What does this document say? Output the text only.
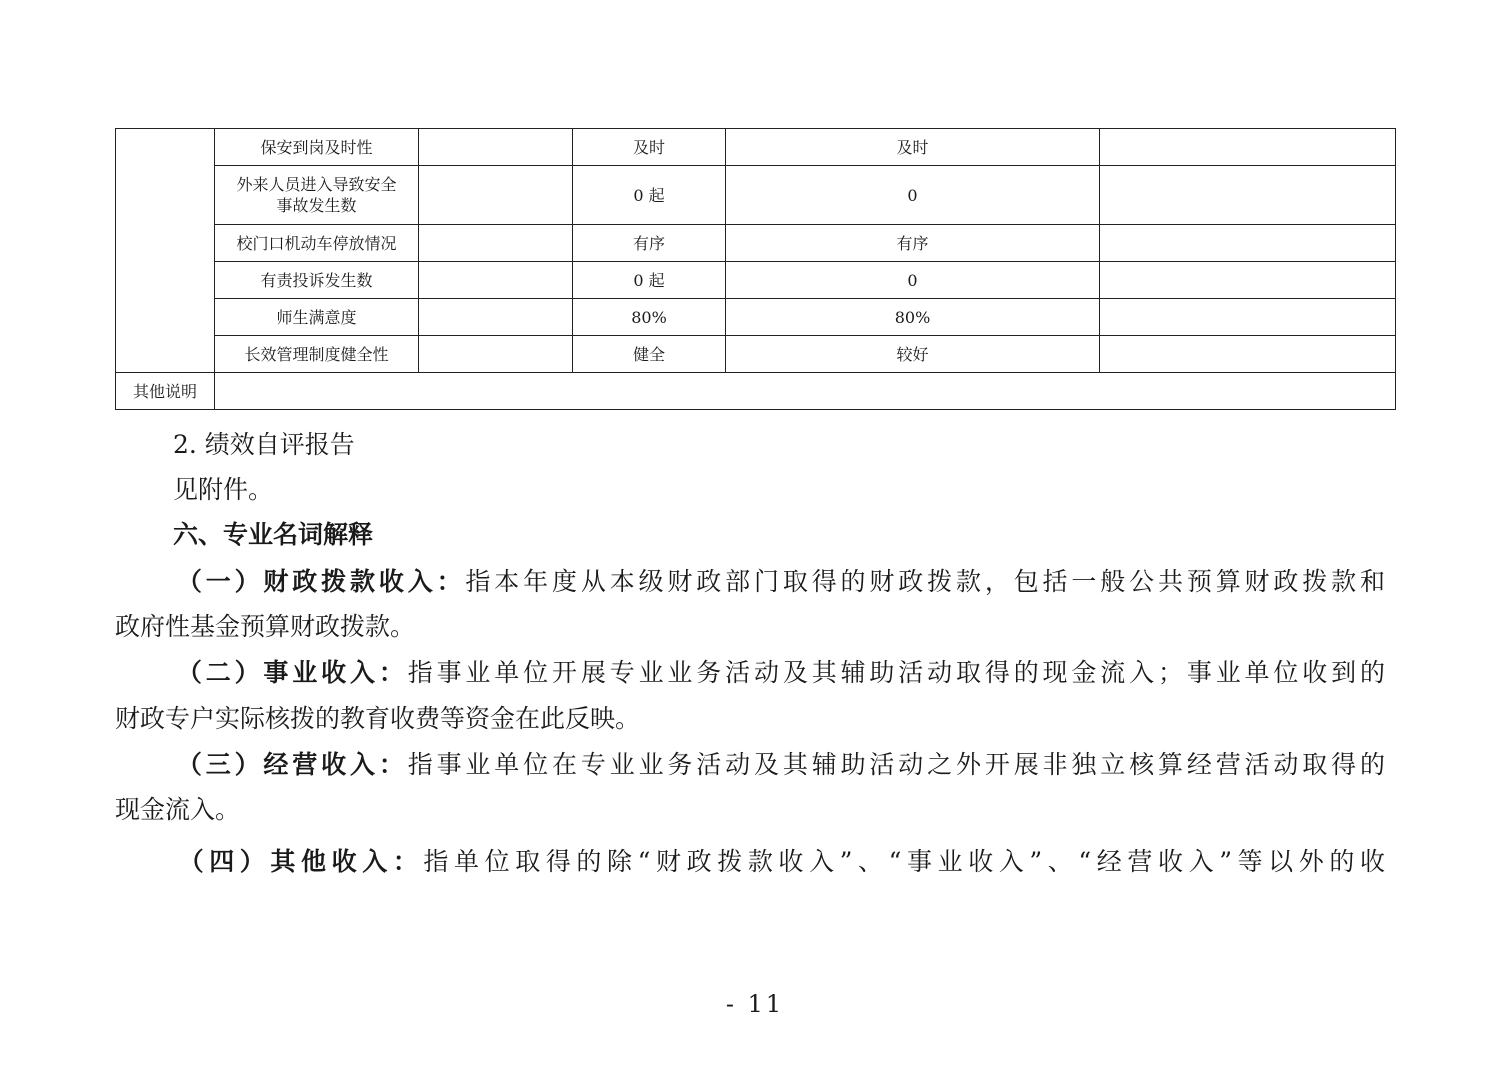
	保安到岗及时性		及时	及时	
	外来人员进入导致安全
事故发生数		0 起	0	
	校门口机动车停放情况		有序	有序	
	有责投诉发生数		0 起	0	
	师生满意度		80%	80%	
	长效管理制度健全性		健全	较好	
其他说明					
2. 绩效自评报告
见附件。
六、专业名词解释
（一）财政拨款收入：指本年度从本级财政部门取得的财政拨款，包括一般公共预算财政拨款和
政府性基金预算财政拨款。
（二）事业收入：指事业单位开展专业业务活动及其辅助活动取得的现金流入；事业单位收到的
财政专户实际核拨的教育收费等资金在此反映。
（三）经营收入：指事业单位在专业业务活动及其辅助活动之外开展非独立核算经营活动取得的
现金流入。
（四）其他收入：指单位取得的除“财政拨款收入”、“事业收入”、“经营收入”等以外的收
- 11
